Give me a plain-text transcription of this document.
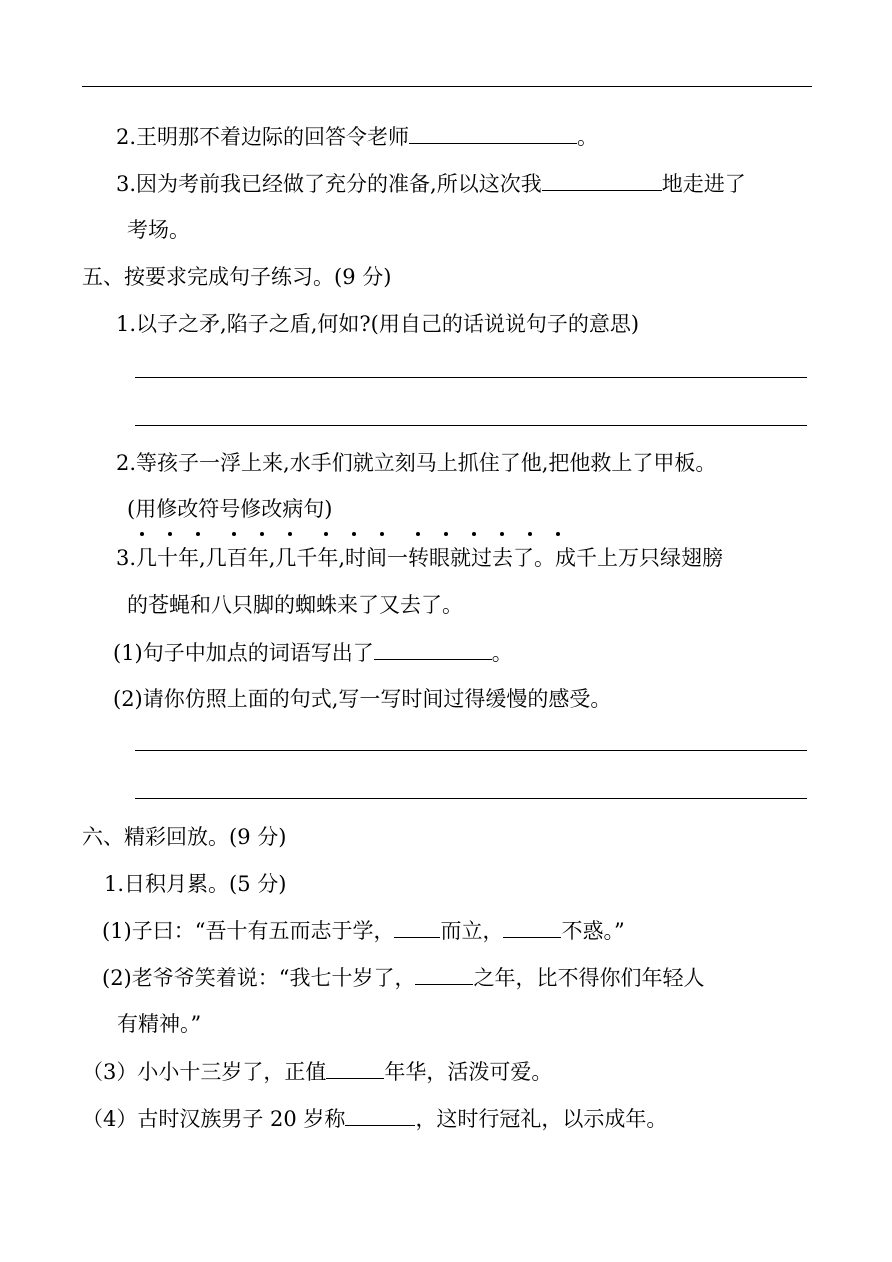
2.王明那不着边际的回答令老师	。
3.因为考前我已经做了充分的准备,所以这次我	地走进了
考场。
五、按要求完成句子练习。(9 分)
1.以子之矛,陷子之盾,何如?(用自己的话说说句子的意思)
2.等孩子一浮上来,水手们就立刻马上抓住了他,把他救上了甲板。
(用修改符号修改病句)
3.几十年,几百年,几千年,时间一转眼就过去了。成千上万只绿翅膀
的苍蝇和八只脚的蜘蛛来了又去了。
(1)句子中加点的词语写出了	。
(2)请你仿照上面的句式,写一写时间过得缓慢的感受。
六、精彩回放。(9 分)
1.日积月累。(5 分)
(1)子曰：“吾十有五而志于学， 而立，	不惑。”
(2)老爷爷笑着说：“我七十岁了，	之年，比不得你们年轻人
有精神。”
（3）小小十三岁了，正值	年华，活泼可爱。
（4）古时汉族男子 20 岁称	，这时行冠礼，以示成年。
